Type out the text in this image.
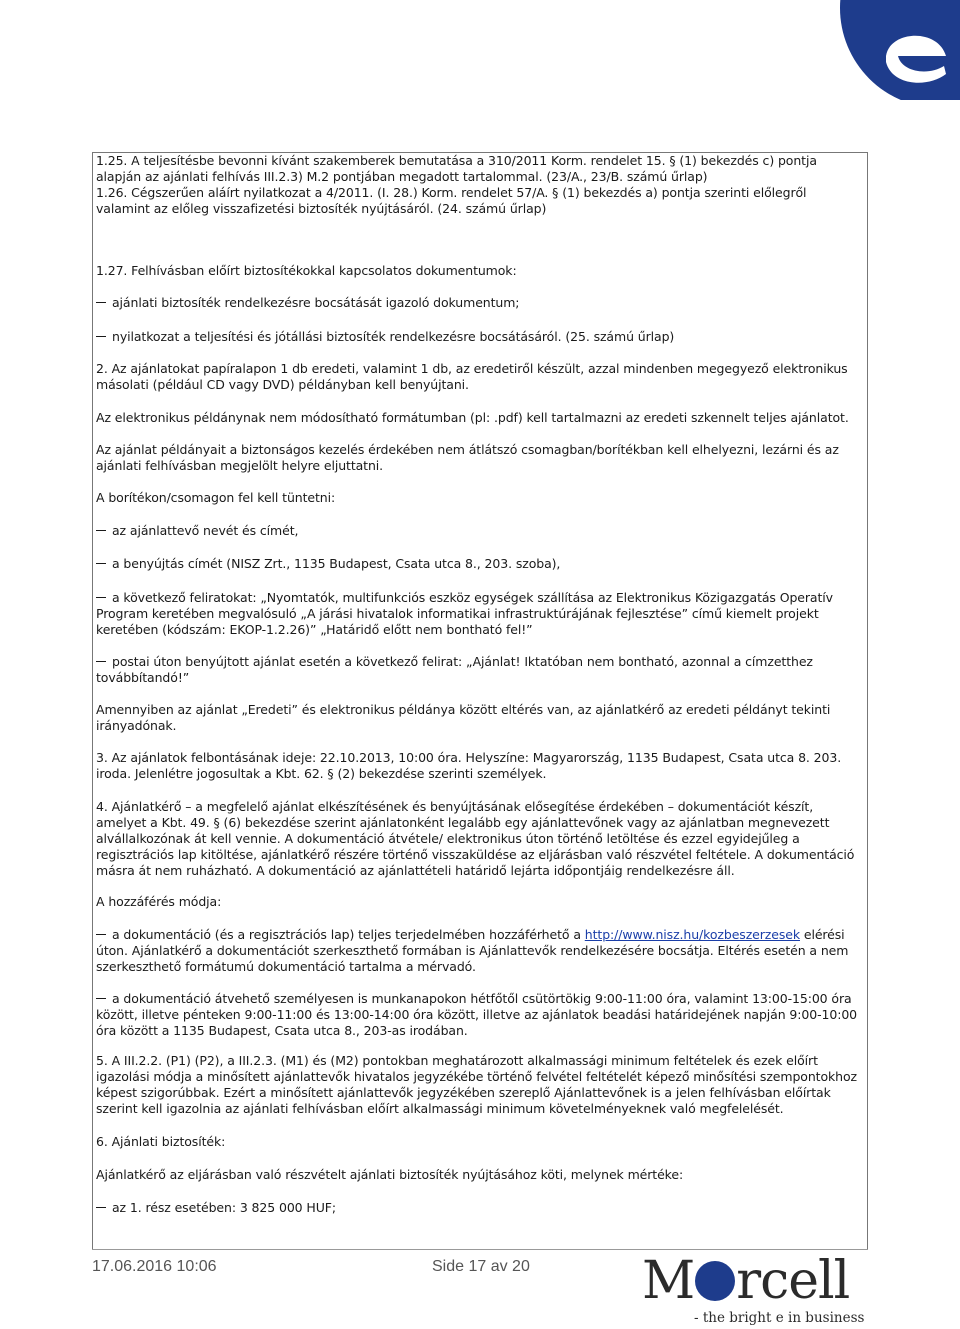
1.25. A teljesítésbe bevonni kívánt szakemberek bemutatása a 310/2011 Korm. rendelet 15. § (1) bekezdés c) pontja alapján az ajánlati felhívás III.2.3) M.2 pontjában megadott tartalommal. (23/A., 23/B. számú űrlap)

1.26. Cégszerűen aláírt nyilatkozat a 4/2011. (I. 28.) Korm. rendelet 57/A. § (1) bekezdés a) pontja szerinti előlegről valamint az előleg visszafizetési biztosíték nyújtásáról. (24. számú űrlap)

1.27. Felhívásban előírt biztosítékokkal kapcsolatos dokumentumok:

ajánlati biztosíték rendelkezésre bocsátását igazoló dokumentum;

nyilatkozat a teljesítési és jótállási biztosíték rendelkezésre bocsátásáról. (25. számú űrlap)

2. Az ajánlatokat papíralapon 1 db eredeti, valamint 1 db, az eredetiről készült, azzal mindenben megegyező elektronikus másolati (például CD vagy DVD) példányban kell benyújtani.

Az elektronikus példánynak nem módosítható formátumban (pl: .pdf) kell tartalmazni az eredeti szkennelt teljes ajánlatot.

Az ajánlat példányait a biztonságos kezelés érdekében nem átlátszó csomagban/borítékban kell elhelyezni, lezárni és az ajánlati felhívásban megjelölt helyre eljuttatni.

A borítékon/csomagon fel kell tüntetni:

az ajánlattevő nevét és címét,

a benyújtás címét (NISZ Zrt., 1135 Budapest, Csata utca 8., 203. szoba),

a következő feliratokat: „Nyomtatók, multifunkciós eszköz egységek szállítása az Elektronikus Közigazgatás Operatív Program keretében megvalósuló „A járási hivatalok informatikai infrastruktúrájának fejlesztése” című kiemelt projekt keretében (kódszám: EKOP-1.2.26)” „Határidő előtt nem bontható fel!”

postai úton benyújtott ajánlat esetén a következő felirat: „Ajánlat! Iktatóban nem bontható, azonnal a címzetthez továbbítandó!”

Amennyiben az ajánlat „Eredeti” és elektronikus példánya között eltérés van, az ajánlatkérő az eredeti példányt tekinti irányadónak.

3. Az ajánlatok felbontásának ideje: 22.10.2013, 10:00 óra. Helyszíne: Magyarország, 1135 Budapest, Csata utca 8. 203. iroda. Jelenlétre jogosultak a Kbt. 62. § (2) bekezdése szerinti személyek.

4. Ajánlatkérő – a megfelelő ajánlat elkészítésének és benyújtásának elősegítése érdekében – dokumentációt készít, amelyet a Kbt. 49. § (6) bekezdése szerint ajánlatonként legalább egy ajánlattevőnek vagy az ajánlatban megnevezett alvállalkozónak át kell vennie. A dokumentáció átvétele/ elektronikus úton történő letöltése és ezzel egyidejűleg a regisztrációs lap kitöltése, ajánlatkérő részére történő visszaküldése az eljárásban való részvétel feltétele. A dokumentáció másra át nem ruházható. A dokumentáció az ajánlattételi határidő lejárta időpontjáig rendelkezésre áll.

A hozzáférés módja:

a dokumentáció (és a regisztrációs lap) teljes terjedelmében hozzáférhető a http://www.nisz.hu/kozbeszerzesek elérési úton. Ajánlatkérő a dokumentációt szerkeszthető formában is Ajánlattevők rendelkezésére bocsátja. Eltérés esetén a nem szerkeszthető formátumú dokumentáció tartalma a mérvadó.

a dokumentáció átvehető személyesen is munkanapokon hétfőtől csütörtökig 9:00-11:00 óra, valamint 13:00-15:00 óra között, illetve pénteken 9:00-11:00 és 13:00-14:00 óra között, illetve az ajánlatok beadási határidejének napján 9:00-10:00 óra között a 1135 Budapest, Csata utca 8., 203-as irodában.

5. A III.2.2. (P1) (P2), a III.2.3. (M1) és (M2) pontokban meghatározott alkalmassági minimum feltételek és ezek előírt igazolási módja a minősített ajánlattevők hivatalos jegyzékébe történő felvétel feltételét képező minősítési szempontokhoz képest szigorúbbak. Ezért a minősített ajánlattevők jegyzékében szereplő Ajánlattevőnek is a jelen felhívásban előírtak szerint kell igazolnia az ajánlati felhívásban előírt alkalmassági minimum követelményeknek való megfelelését.

6. Ajánlati biztosíték:

Ajánlatkérő az eljárásban való részvételt ajánlati biztosíték nyújtásához köti, melynek mértéke:

az 1. rész esetében: 3 825 000 HUF;

17.06.2016 10:06	Side 17 av 20 M rcell
- the bright e in business
